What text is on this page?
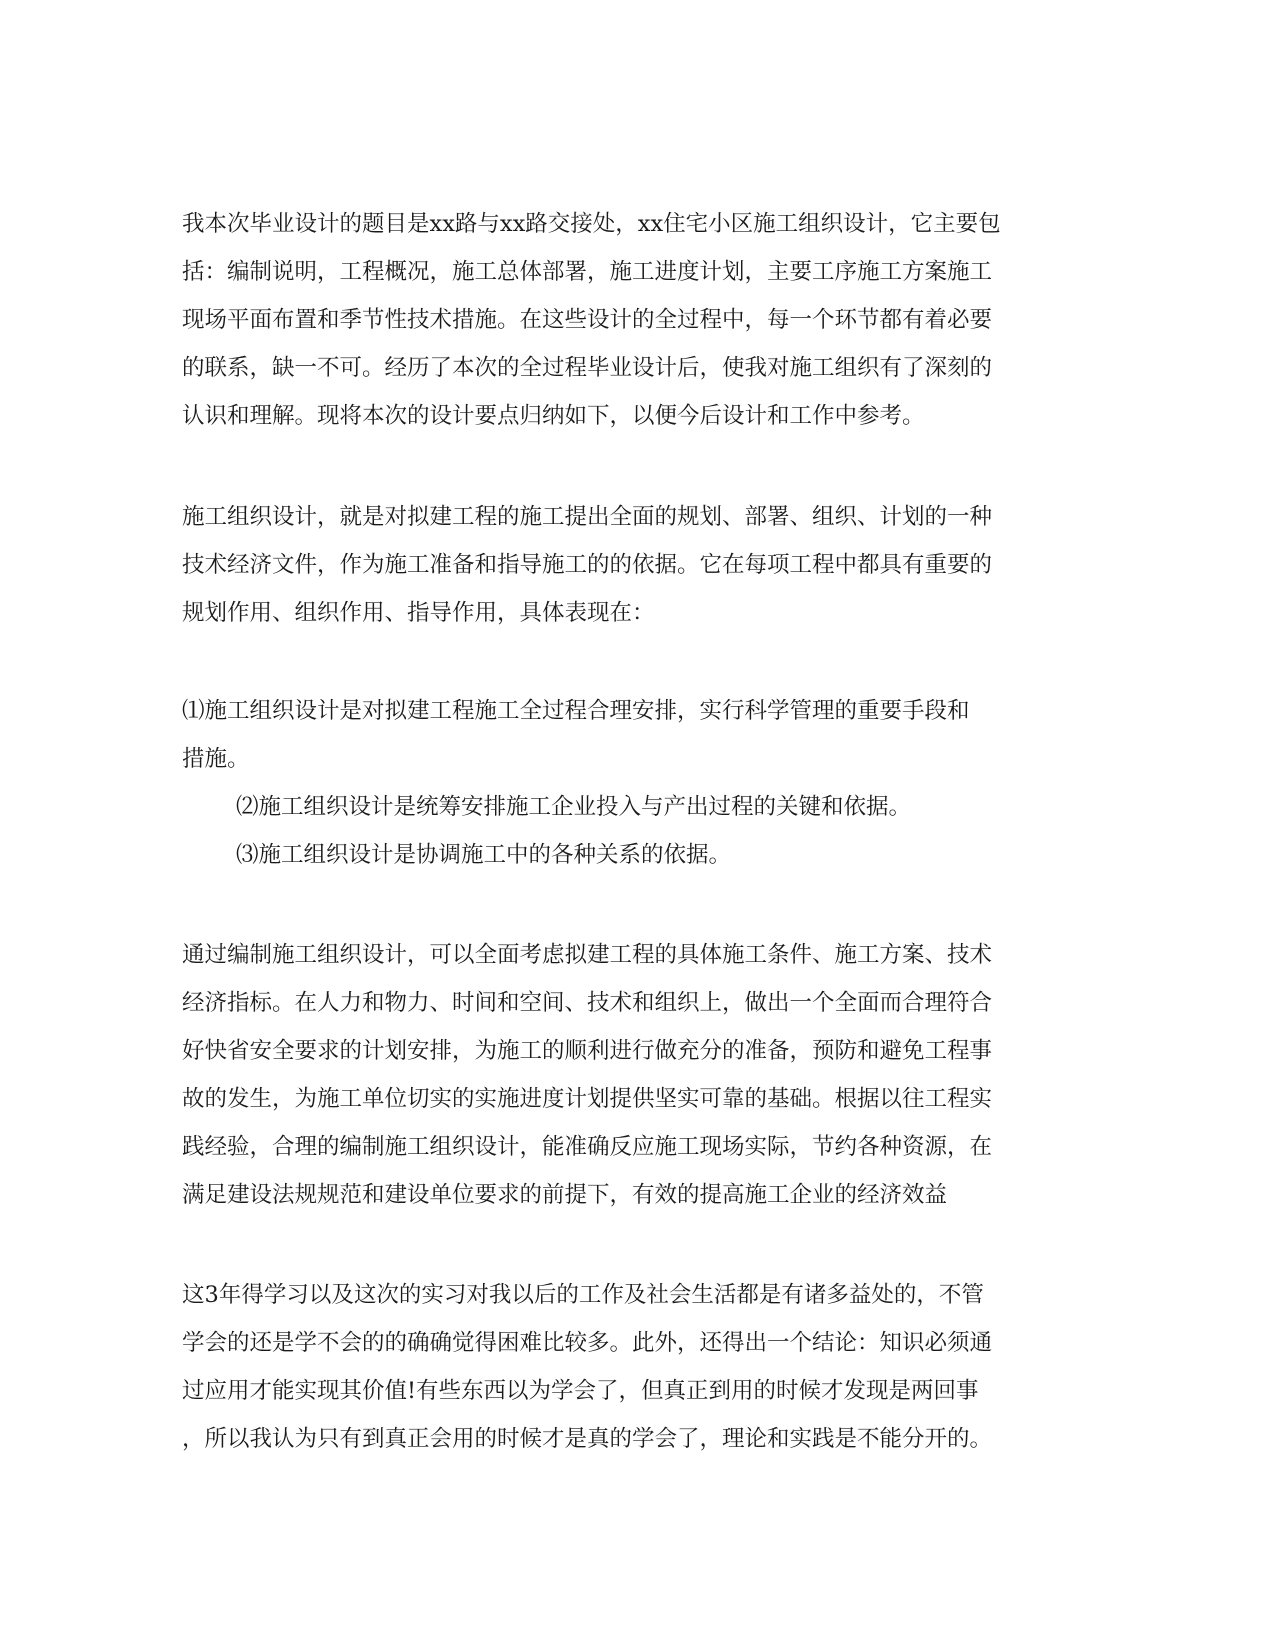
我本次毕业设计的题目是xx路与xx路交接处，xx住宅小区施工组织设计，它主要包
括：编制说明，工程概况，施工总体部署，施工进度计划，主要工序施工方案施工
现场平面布置和季节性技术措施。在这些设计的全过程中，每一个环节都有着必要
的联系，缺一不可。经历了本次的全过程毕业设计后，使我对施工组织有了深刻的
认识和理解。现将本次的设计要点归纳如下，以便今后设计和工作中参考。
施工组织设计，就是对拟建工程的施工提出全面的规划、部署、组织、计划的一种
技术经济文件，作为施工准备和指导施工的的依据。它在每项工程中都具有重要的
规划作用、组织作用、指导作用，具体表现在：
⑴施工组织设计是对拟建工程施工全过程合理安排，实行科学管理的重要手段和
措施。
⑵施工组织设计是统筹安排施工企业投入与产出过程的关键和依据。
⑶施工组织设计是协调施工中的各种关系的依据。
通过编制施工组织设计，可以全面考虑拟建工程的具体施工条件、施工方案、技术
经济指标。在人力和物力、时间和空间、技术和组织上，做出一个全面而合理符合
好快省安全要求的计划安排，为施工的顺利进行做充分的准备，预防和避免工程事
故的发生，为施工单位切实的实施进度计划提供坚实可靠的基础。根据以往工程实
践经验，合理的编制施工组织设计，能准确反应施工现场实际，节约各种资源，在
满足建设法规规范和建设单位要求的前提下，有效的提高施工企业的经济效益
这3年得学习以及这次的实习对我以后的工作及社会生活都是有诸多益处的，不管
学会的还是学不会的的确确觉得困难比较多。此外，还得出一个结论：知识必须通
过应用才能实现其价值!有些东西以为学会了，但真正到用的时候才发现是两回事
，所以我认为只有到真正会用的时候才是真的学会了，理论和实践是不能分开的。
